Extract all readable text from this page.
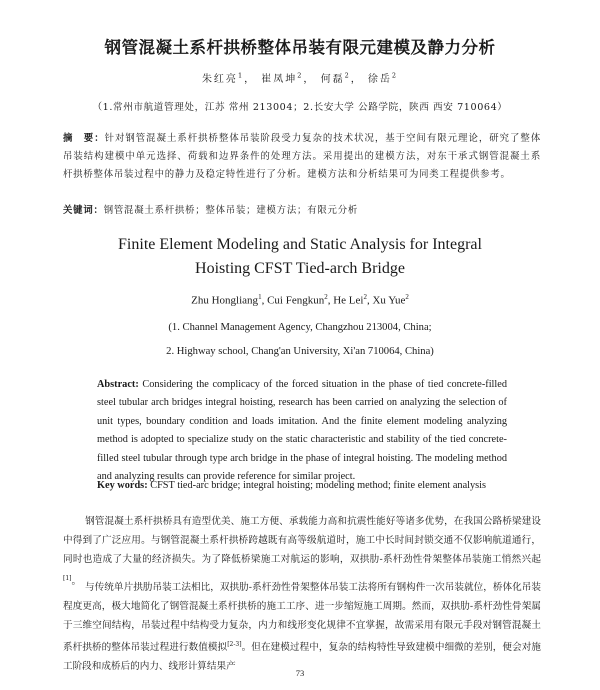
钢管混凝土系杆拱桥整体吊装有限元建模及静力分析
朱红亮$^1$， 崔凤坤$^2$， 何磊$^2$， 徐岳$^2$
（1.常州市航道管理处，江苏 常州 213004；2.长安大学 公路学院，陕西 西安 710064）
摘　要：针对钢管混凝土系杆拱桥整体吊装阶段受力复杂的技术状况，基于空间有限元理论，研究了整体吊装结构建模中单元选择、荷载和边界条件的处理方法。采用提出的建模方法，对东干承式钢管混凝土系杆拱桥整体吊装过程中的静力及稳定特性进行了分析。建模方法和分析结果可为同类工程提供参考。
关键词：钢管混凝土系杆拱桥；整体吊装；建模方法；有限元分析
Finite Element Modeling and Static Analysis for Integral
Hoisting CFST Tied-arch Bridge
Zhu Hongliang$^1$, Cui Fengkun$^2$, He Lei$^2$, Xu Yue$^2$
(1. Channel Management Agency, Changzhou 213004, China;
2. Highway school, Chang'an University, Xi'an 710064, China)
Abstract: Considering the complicacy of the forced situation in the phase of tied concrete-filled steel tubular arch bridges integral hoisting, research has been carried on analyzing the selection of unit types, boundary condition and loads imitation. And the finite element modeling analyzing method is adopted to specialize study on the static characteristic and stability of the tied concrete-filled steel tubular through type arch bridge in the phase of integral hoisting. The modeling method and analyzing results can provide reference for similar project.
Key words: CFST tied-arc bridge; integral hoisting; modeling method; finite element analysis
钢管混凝土系杆拱桥具有造型优美、施工方便、承载能力高和抗震性能好等诸多优势，在我国公路桥梁建设中得到了广泛应用。与钢管混凝土系杆拱桥跨越既有高等级航道时，施工中长时间封锁交通不仅影响航道通行，同时也造成了大量的经济损失。为了降低桥梁施工对航运的影响，双拱肋-系杆劲性骨架整体吊装施工悄然兴起[1]。
与传统单片拱肋吊装工法相比，双拱肋-系杆劲性骨架整体吊装工法将所有钢构件一次吊装就位，桥体化吊装程度更高，极大地简化了钢管混凝土系杆拱桥的施工工序、进一步缩短施工周期。然而，双拱肋-系杆劲性骨架属于三维空间结构，吊装过程中结构受力复杂，内力和线形变化规律不宜掌握，故需采用有限元手段对钢管混凝土系杆拱桥的整体吊装过程进行数值模拟[2-3]。但在建模过程中，复杂的结构特性导致建模中细微的差别，便会对施工阶段和成桥后的内力、线形计算结果产
73
